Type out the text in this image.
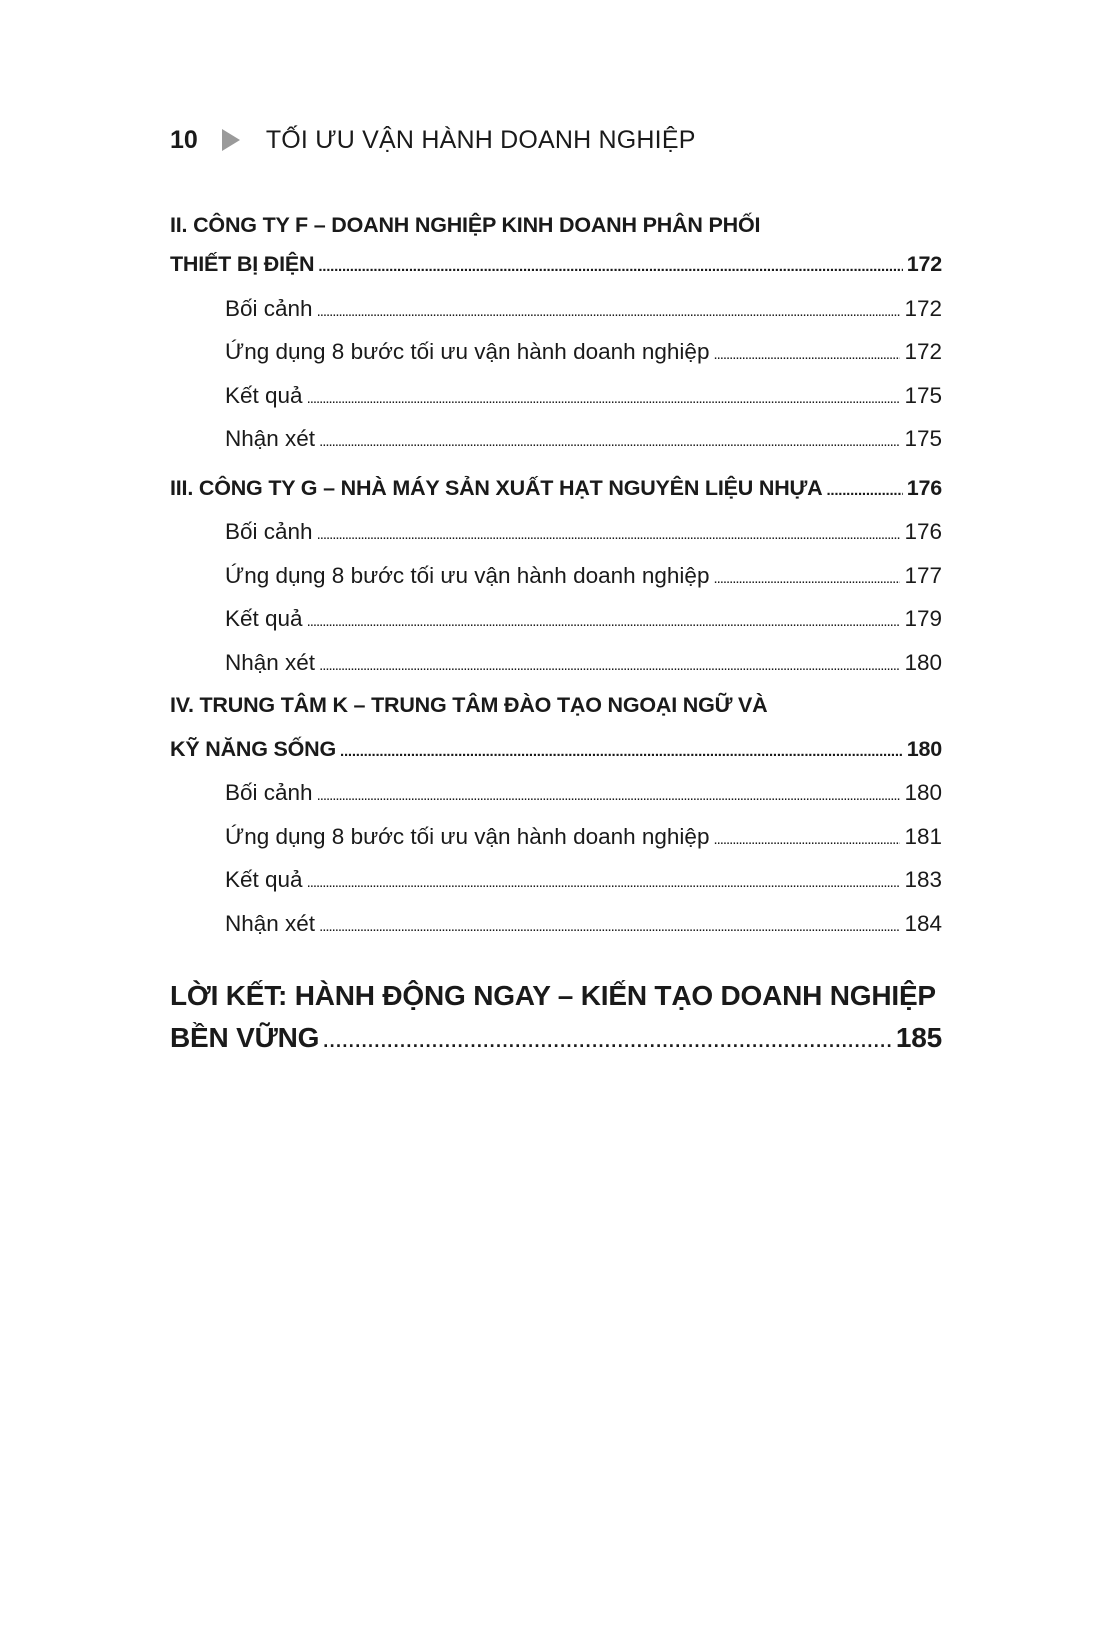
10	TỐI ƯU VẬN HÀNH DOANH NGHIỆP
II. CÔNG TY F – DOANH NGHIỆP KINH DOANH PHÂN PHỐI
THIẾT BỊ ĐIỆN . . .	172
Bối cảnh . . .	172
Ứng dụng 8 bước tối ưu vận hành doanh nghiệp . . .	172
Kết quả . . .	175
Nhận xét . . .	175
III. CÔNG TY G – NHÀ MÁY SẢN XUẤT HẠT NGUYÊN LIỆU NHỰA . . .	176
Bối cảnh . . .	176
Ứng dụng 8 bước tối ưu vận hành doanh nghiệp . . .	177
Kết quả . . .	179
Nhận xét . . .	180
IV. TRUNG TÂM K – TRUNG TÂM ĐÀO TẠO NGOẠI NGỮ VÀ
KỸ NĂNG SỐNG . . .	180
Bối cảnh . . .	180
Ứng dụng 8 bước tối ưu vận hành doanh nghiệp . . .	181
Kết quả . . .	183
Nhận xét . . .	184
LỜI KẾT: HÀNH ĐỘNG NGAY – KIẾN TẠO DOANH NGHIỆP
BỀN VỮNG . . .	185
